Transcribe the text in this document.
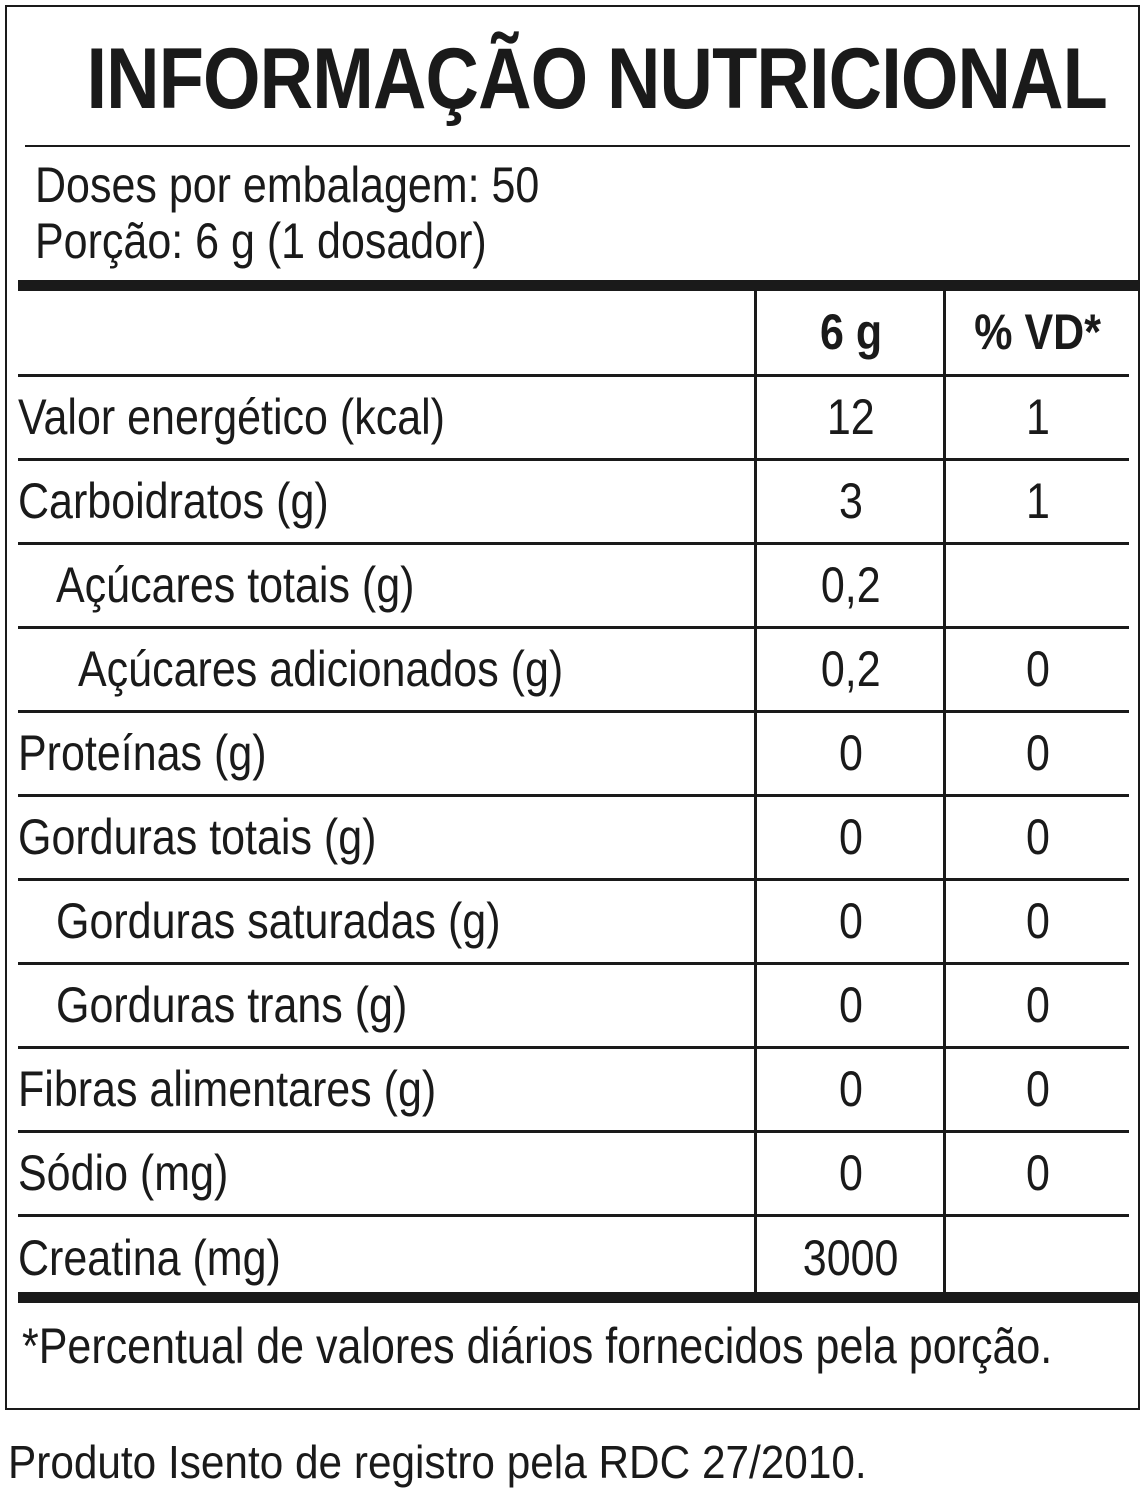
INFORMAÇÃO NUTRICIONAL
Doses por embalagem: 50
Porção: 6 g (1 dosador)
	6 g	% VD*
Valor energético (kcal)	12	1
Carboidratos (g)	3	1
Açúcares totais (g)	0,2	
Açúcares adicionados (g)	0,2	0
Proteínas (g)	0	0
Gorduras totais (g)	0	0
Gorduras saturadas (g)	0	0
Gorduras trans (g)	0	0
Fibras alimentares (g)	0	0
Sódio (mg)	0	0
Creatina (mg)	3000	
*Percentual de valores diários fornecidos pela porção.
Produto Isento de registro pela RDC 27/2010.
